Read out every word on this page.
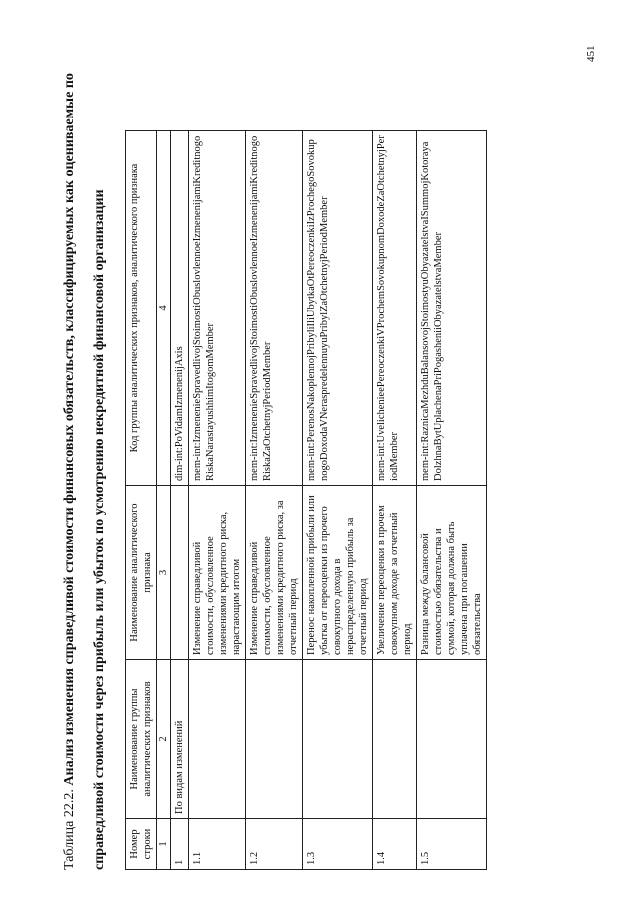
451
Таблица 22.2. Анализ изменения справедливой стоимости финансовых обязательств, классифицируемых как оцениваемые по справедливой стоимости через прибыль или убыток по усмотрению некредитной финансовой организации	Номер строки	Наименование группы аналитических признаков	Наименование аналитического признака	Код группы аналитических признаков, аналитического признака
1	2	3	4
1	По видам изменений		dim-int:PoVidamIzmenenijAxis
1.1		Изменение справедливой стоимости, обусловленное изменениями кредитного риска, нарастающим итогом	mem-int:IzmenenieSpravedlivojStoimostiObuslovlennoeIzmenenijamiKreditnogoRiskaNarastayushhimItogomMember
1.2		Изменение справедливой стоимости, обусловленное изменениями кредитного риска, за отчетный период	mem-int:IzmenenieSpravedlivojStoimostiObuslovlennoeIzmenenijamiKreditnogoRiskaZaOtchetnyjPeriodMember
1.3		Перенос накопленной прибыли или убытка от переоценки из прочего совокупного дохода в нераспределенную прибыль за отчетный период	mem-int:PerenosNakoplennojPribyliIliUbytkaOtPereoczenkiIzProchegoSovokupnogoDoxodaVNeraspredelennuyuPribylZaOtchetnyjPeriodMember
1.4		Увеличение переоценки в прочем совокупном доходе за отчетный период	mem-int:UvelichenieePereoczenkiVProchemSovokupnomDoxodeZaOtchetnyjPeriodMember
1.5		Разница между балансовой стоимостью обязательства и суммой, которая должна быть уплачена при погашении обязательства	mem-int:RaznicaMezhduBalansovojStoimostyuObyazatelstvaISummojKotorayaDolzhnaBytUplachenaPriPogasheniiObyazatelstvaMember
